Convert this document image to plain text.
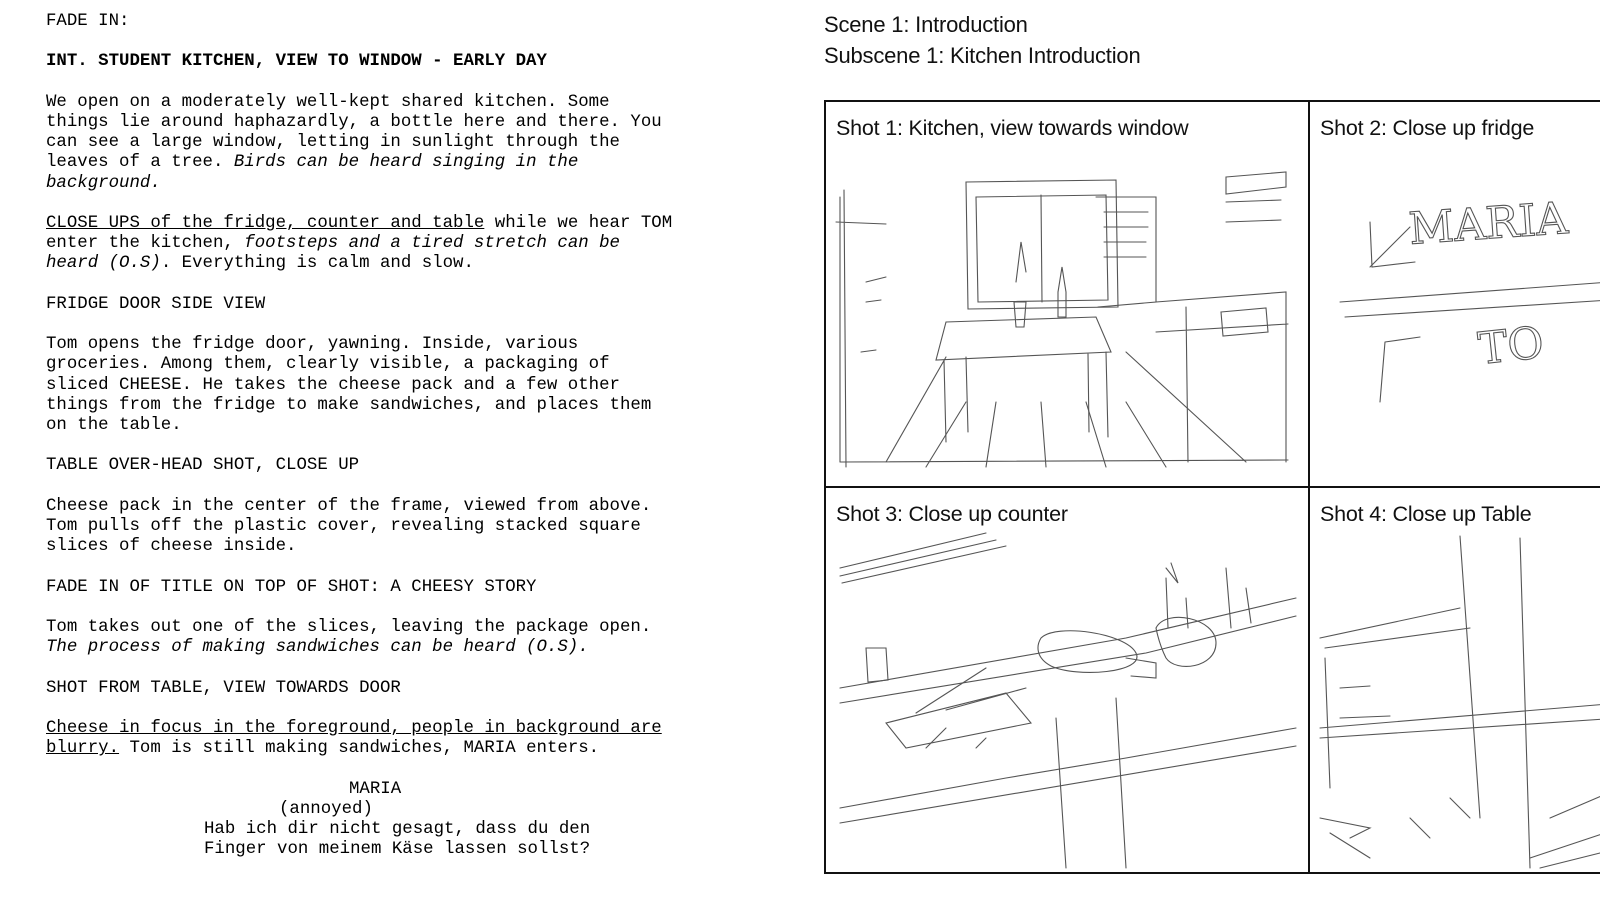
FADE IN:

INT. STUDENT KITCHEN, VIEW TO WINDOW - EARLY DAY

We open on a moderately well-kept shared kitchen. Some
things lie around haphazardly, a bottle here and there. You
can see a large window, letting in sunlight through the
leaves of a tree. Birds can be heard singing in the
background.

CLOSE UPS of the fridge, counter and table while we hear TOM
enter the kitchen, footsteps and a tired stretch can be
heard (O.S). Everything is calm and slow.

FRIDGE DOOR SIDE VIEW

Tom opens the fridge door, yawning. Inside, various
groceries. Among them, clearly visible, a packaging of
sliced CHEESE. He takes the cheese pack and a few other
things from the fridge to make sandwiches, and places them
on the table.

TABLE OVER-HEAD SHOT, CLOSE UP

Cheese pack in the center of the frame, viewed from above.
Tom pulls off the plastic cover, revealing stacked square
slices of cheese inside.

FADE IN OF TITLE ON TOP OF SHOT: A CHEESY STORY

Tom takes out one of the slices, leaving the package open.
The process of making sandwiches can be heard (O.S).

SHOT FROM TABLE, VIEW TOWARDS DOOR

Cheese in focus in the foreground, people in background are
blurry. Tom is still making sandwiches, MARIA enters.

MARIA
(annoyed)
Hab ich dir nicht gesagt, dass du den
Finger von meinem Käse lassen sollst?
Scene 1: Introduction
Subscene 1: Kitchen Introduction
Shot 1: Kitchen, view towards window	Shot 2: Close up fridge
MARIA
TO
Shot 3: Close up counter	Shot 4: Close up Table
